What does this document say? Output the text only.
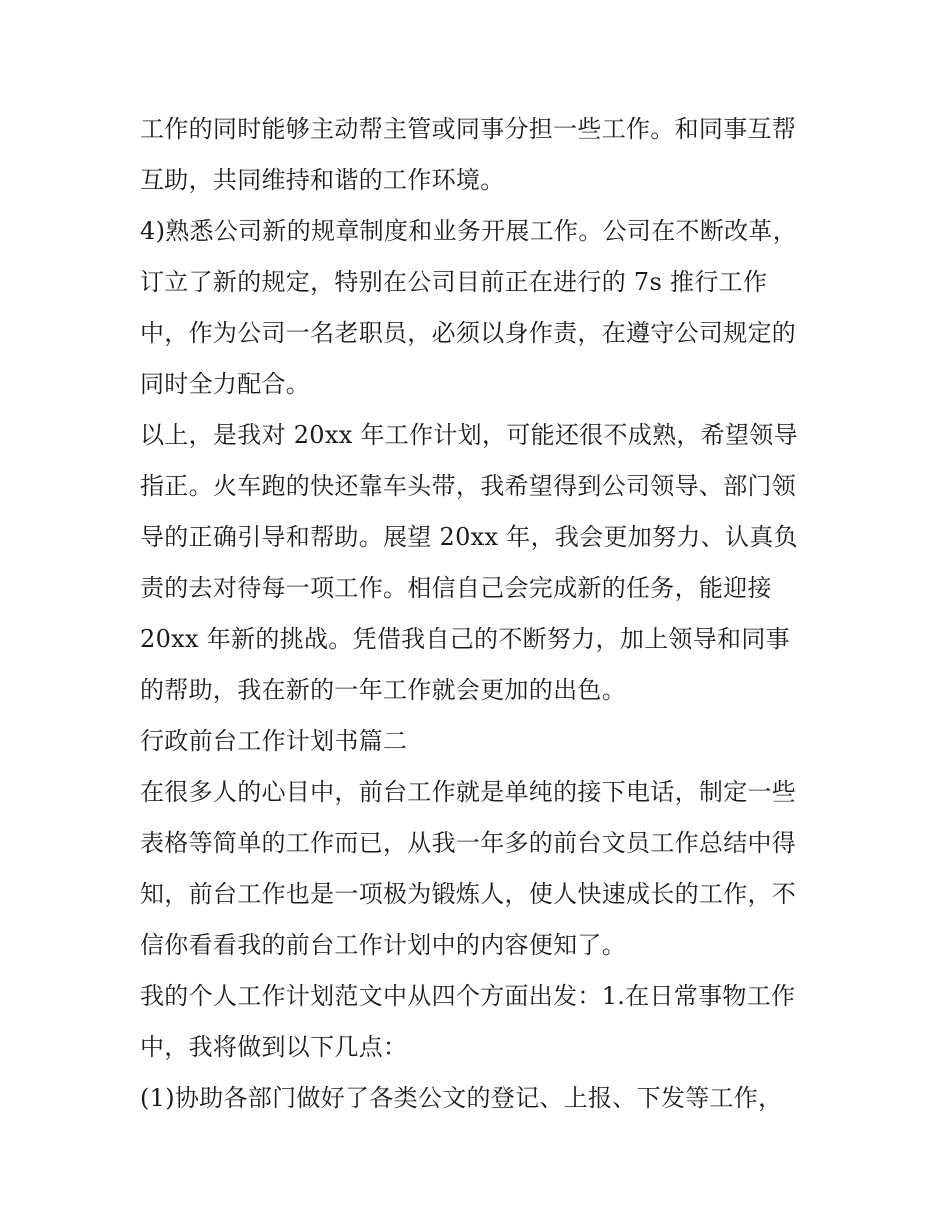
工作的同时能够主动帮主管或同事分担一些工作。和同事互帮
互助，共同维持和谐的工作环境。
4)熟悉公司新的规章制度和业务开展工作。公司在不断改革，
订立了新的规定，特别在公司目前正在进行的 7s 推行工作
中，作为公司一名老职员，必须以身作责，在遵守公司规定的
同时全力配合。
以上，是我对 20xx 年工作计划，可能还很不成熟，希望领导
指正。火车跑的快还靠车头带，我希望得到公司领导、部门领
导的正确引导和帮助。展望 20xx 年，我会更加努力、认真负
责的去对待每一项工作。相信自己会完成新的任务，能迎接
20xx 年新的挑战。凭借我自己的不断努力，加上领导和同事
的帮助，我在新的一年工作就会更加的出色。
行政前台工作计划书篇二
在很多人的心目中，前台工作就是单纯的接下电话，制定一些
表格等简单的工作而已，从我一年多的前台文员工作总结中得
知，前台工作也是一项极为锻炼人，使人快速成长的工作，不
信你看看我的前台工作计划中的内容便知了。
我的个人工作计划范文中从四个方面出发：1.在日常事物工作
中，我将做到以下几点：
(1)协助各部门做好了各类公文的登记、上报、下发等工作，
